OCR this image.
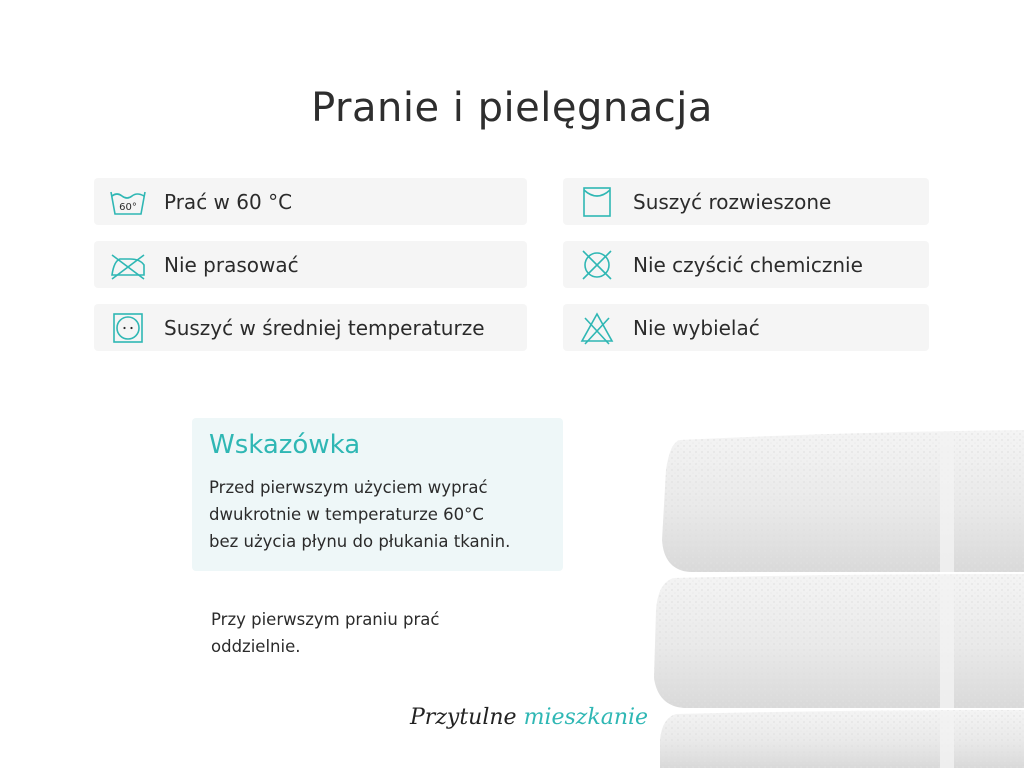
Pranie i pielęgnacja
60° Prać w 60 °C
Nie prasować
Suszyć w średniej temperaturze
Suszyć rozwieszone
Nie czyścić chemicznie
Nie wybielać
Wskazówka
Przed pierwszym użyciem wyprać
dwukrotnie w temperaturze 60°C
bez użycia płynu do płukania tkanin.
Przy pierwszym praniu prać
oddzielnie.
Przytulne mieszkanie
